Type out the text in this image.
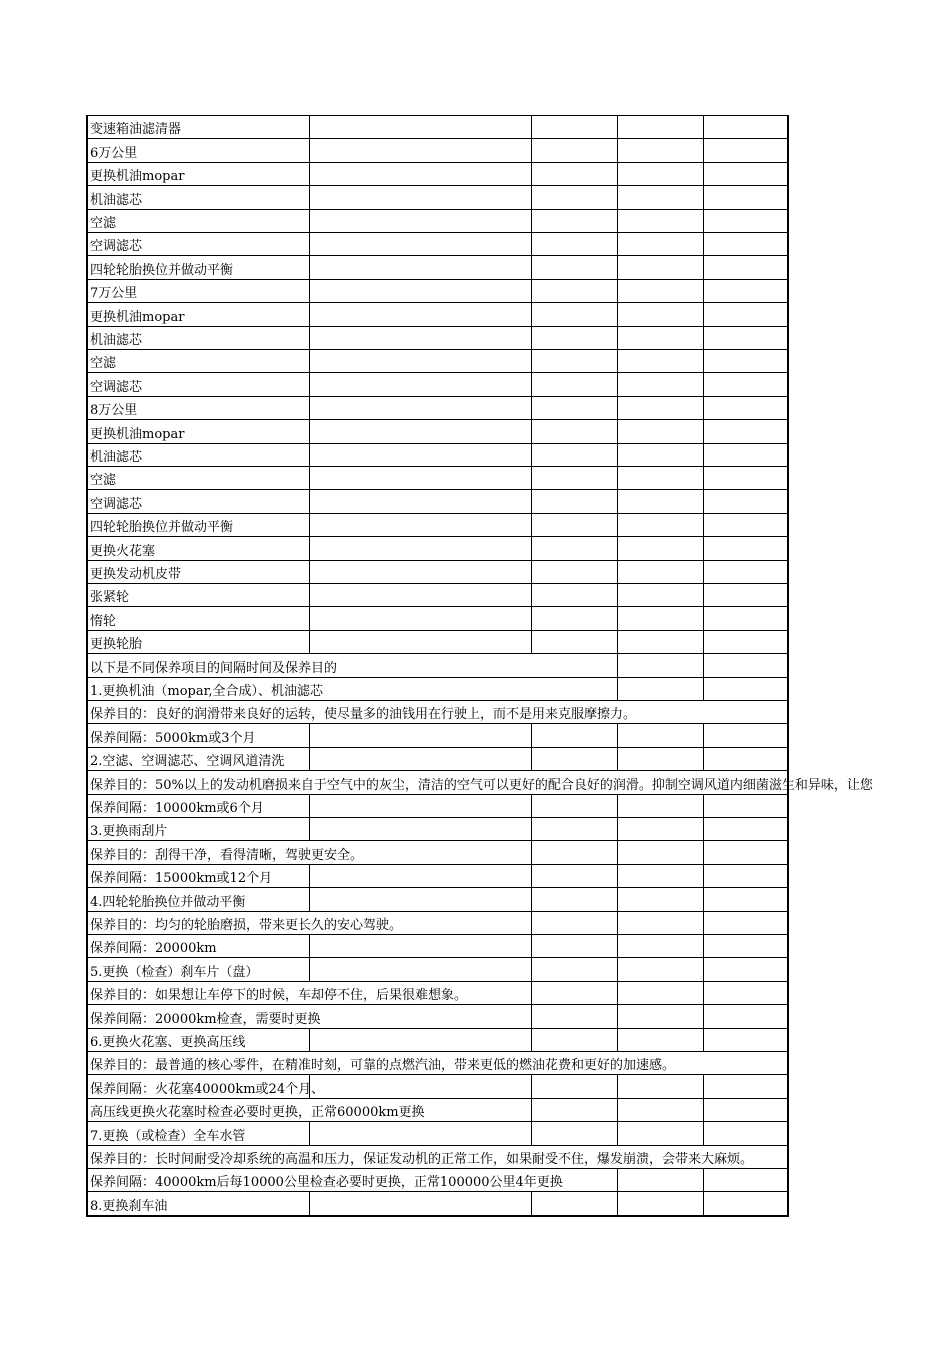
变速箱油滤清器
6万公里
更换机油mopar
机油滤芯
空滤
空调滤芯
四轮轮胎换位并做动平衡
7万公里
更换机油mopar
机油滤芯
空滤
空调滤芯
8万公里
更换机油mopar
机油滤芯
空滤
空调滤芯
四轮轮胎换位并做动平衡
更换火花塞
更换发动机皮带
张紧轮
惰轮
更换轮胎
以下是不同保养项目的间隔时间及保养目的
1.更换机油（mopar,全合成）、机油滤芯
保养目的：良好的润滑带来良好的运转，使尽量多的油钱用在行驶上，而不是用来克服摩擦力。
保养间隔：5000km或3个月
2.空滤、空调滤芯、空调风道清洗
保养目的：50%以上的发动机磨损来自于空气中的灰尘，清洁的空气可以更好的配合良好的润滑。抑制空调风道内细菌滋生和异味，让您
保养间隔：10000km或6个月
3.更换雨刮片
保养目的：刮得干净，看得清晰，驾驶更安全。
保养间隔：15000km或12个月
4.四轮轮胎换位并做动平衡
保养目的：均匀的轮胎磨损，带来更长久的安心驾驶。
保养间隔：20000km
5.更换（检查）刹车片（盘）
保养目的：如果想让车停下的时候，车却停不住，后果很难想象。
保养间隔：20000km检查，需要时更换
6.更换火花塞、更换高压线
保养目的：最普通的核心零件，在精准时刻，可靠的点燃汽油，带来更低的燃油花费和更好的加速感。
保养间隔：火花塞40000km或24个月、
高压线更换火花塞时检查必要时更换，正常60000km更换
7.更换（或检查）全车水管
保养目的：长时间耐受冷却系统的高温和压力，保证发动机的正常工作，如果耐受不住，爆发崩溃，会带来大麻烦。
保养间隔：40000km后每10000公里检查必要时更换，正常100000公里4年更换
8.更换刹车油
